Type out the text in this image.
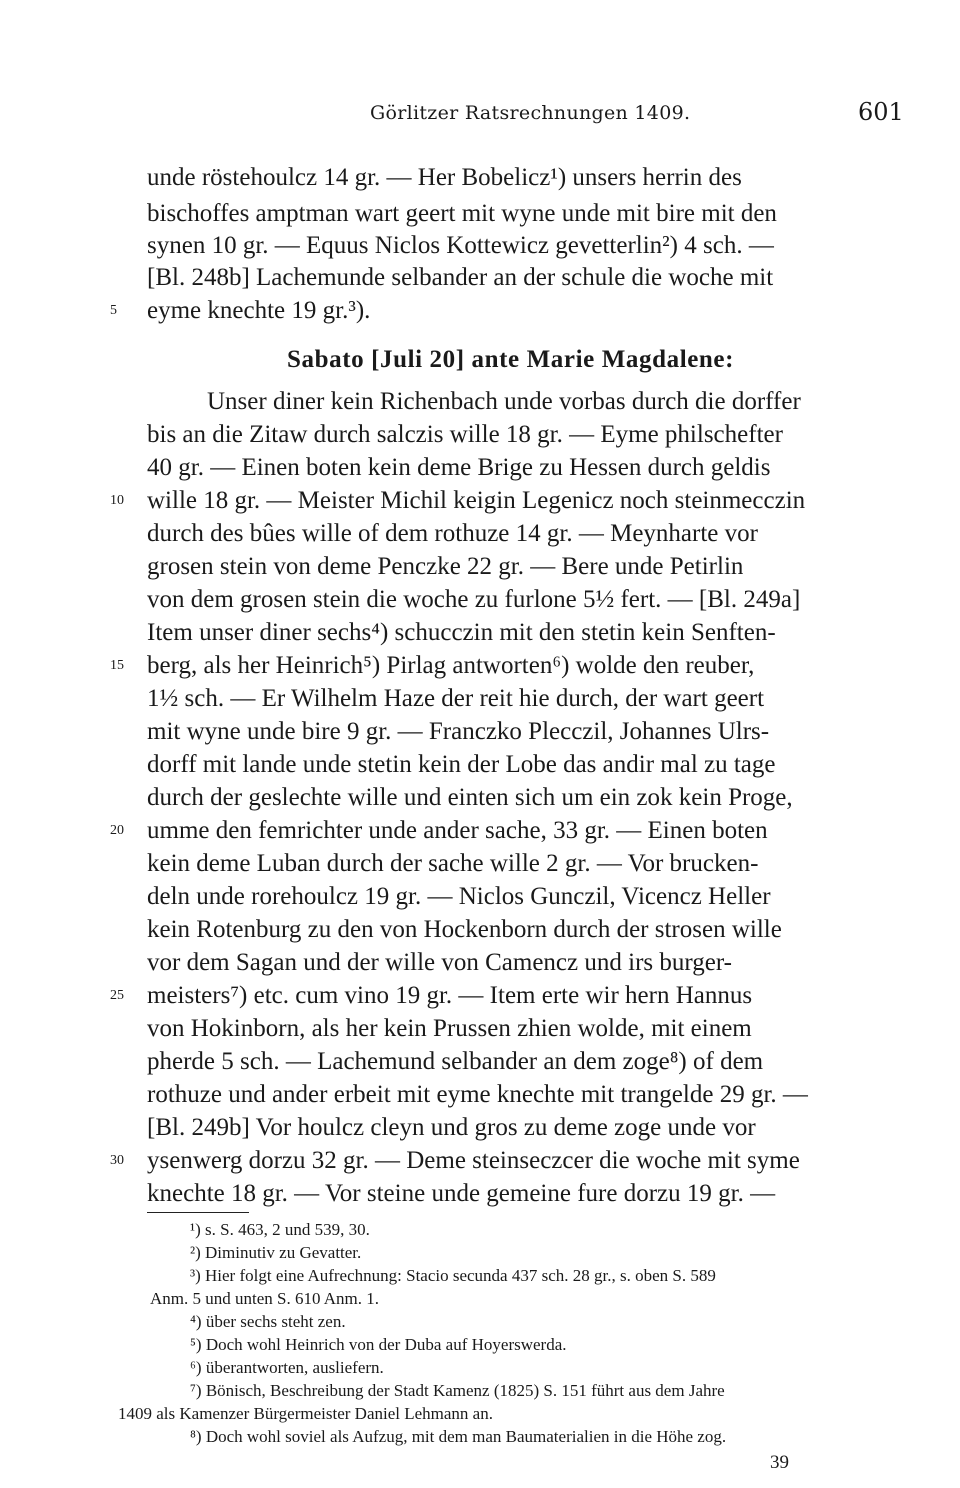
Görlitzer Ratsrechnungen 1409.	601
unde röstehoulcz 14 gr. — Her Bobelicz¹) unsers herrin des
bischoffes amptman wart geert mit wyne unde mit bire mit den
synen 10 gr. — Equus Niclos Kottewicz gevetterlin²) 4 sch. —
[Bl. 248b] Lachemunde selbander an der schule die woche mit
eyme knechte 19 gr.³).
Sabato [Juli 20] ante Marie Magdalene:
Unser diner kein Richenbach unde vorbas durch die dorffer
bis an die Zitaw durch salczis wille 18 gr. — Eyme philschefter
40 gr. — Einen boten kein deme Brige zu Hessen durch geldis
wille 18 gr. — Meister Michil keigin Legenicz noch steinmecczin
durch des bûes wille of dem rothuze 14 gr. — Meynharte vor
grosen stein von deme Penczke 22 gr. — Bere unde Petirlin
von dem grosen stein die woche zu furlone 5½ fert. — [Bl. 249a]
Item unser diner sechs⁴) schucczin mit den stetin kein Senften-
berg, als her Heinrich⁵) Pirlag antworten⁶) wolde den reuber,
1½ sch. — Er Wilhelm Haze der reit hie durch, der wart geert
mit wyne unde bire 9 gr. — Franczko Plecczil, Johannes Ulrs-
dorff mit lande unde stetin kein der Lobe das andir mal zu tage
durch der geslechte wille und einten sich um ein zok kein Proge,
umme den femrichter unde ander sache, 33 gr. — Einen boten
kein deme Luban durch der sache wille 2 gr. — Vor brucken-
deln unde rorehoulcz 19 gr. — Niclos Gunczil, Vicencz Heller
kein Rotenburg zu den von Hockenborn durch der strosen wille
vor dem Sagan und der wille von Camencz und irs burger-
meisters⁷) etc. cum vino 19 gr. — Item erte wir hern Hannus
von Hokinborn, als her kein Prussen zhien wolde, mit einem
pherde 5 sch. — Lachemund selbander an dem zoge⁸) of dem
rothuze und ander erbeit mit eyme knechte mit trangelde 29 gr. —
[Bl. 249b] Vor houlcz cleyn und gros zu deme zoge unde vor
ysenwerg dorzu 32 gr. — Deme steinseczcer die woche mit syme
knechte 18 gr. — Vor steine unde gemeine fure dorzu 19 gr. —
5
10
15
20
25
30
¹) s. S. 463, 2 und 539, 30.
²) Diminutiv zu Gevatter.
³) Hier folgt eine Aufrechnung: Stacio secunda 437 sch. 28 gr., s. oben S. 589
Anm. 5 und unten S. 610 Anm. 1.
⁴) über sechs steht zen.
⁵) Doch wohl Heinrich von der Duba auf Hoyerswerda.
⁶) überantworten, ausliefern.
⁷) Bönisch, Beschreibung der Stadt Kamenz (1825) S. 151 führt aus dem Jahre
1409 als Kamenzer Bürgermeister Daniel Lehmann an.
⁸) Doch wohl soviel als Aufzug, mit dem man Baumaterialien in die Höhe zog.
39
